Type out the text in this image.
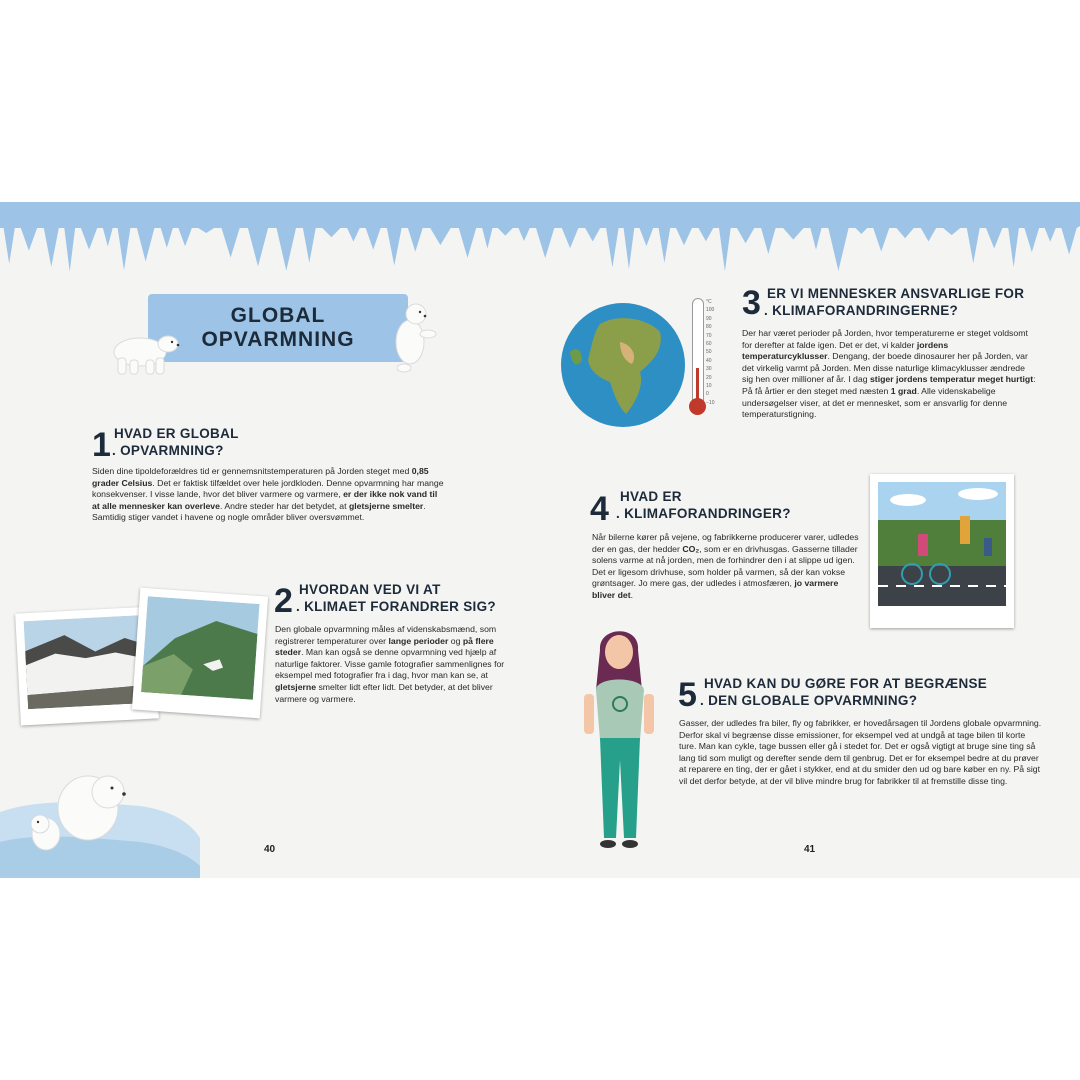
GLOBAL
OPVARMNING
1 HVAD ER GLOBAL
. OPVARMNING?
Siden dine tipoldeforældres tid er gennemsnitstemperaturen på Jorden steget med 0,85 grader Celsius. Det er faktisk tilfældet over hele jordkloden. Denne opvarmning har mange konsekvenser. I visse lande, hvor det bliver varmere og varmere, er der ikke nok vand til at alle mennesker kan overleve. Andre steder har det betydet, at gletsjerne smelter. Samtidig stiger vandet i havene og nogle områder bliver oversvømmet.
2 HVORDAN VED VI AT
. KLIMAET FORANDRER SIG?
Den globale opvarmning måles af videnskabsmænd, som registrerer temperaturer over lange perioder og på flere steder. Man kan også se denne opvarmning ved hjælp af naturlige faktorer. Visse gamle fotografier sammenlignes for eksempel med fotografier fra i dag, hvor man kan se, at gletsjerne smelter lidt efter lidt. Det betyder, at det bliver varmere og varmere.
40
°C
100
90
80
70
60
50
40
30
20
10
0
−10
3 ER VI MENNESKER ANSVARLIGE FOR
. KLIMAFORANDRINGERNE?
Der har været perioder på Jorden, hvor temperaturerne er steget voldsomt for derefter at falde igen. Det er det, vi kalder jordens temperaturcyklusser. Dengang, der boede dinosaurer her på Jorden, var det virkelig varmt på Jorden. Men disse naturlige klimacyklusser ændrede sig hen over millioner af år. I dag stiger jordens temperatur meget hurtigt: På få årtier er den steget med næsten 1 grad. Alle videnskabelige undersøgelser viser, at det er mennesket, som er ansvarlig for denne temperaturstigning.
4 HVAD ER
. KLIMAFORANDRINGER?
Når bilerne kører på vejene, og fabrikkerne producerer varer, udledes der en gas, der hedder CO₂, som er en drivhusgas. Gasserne tillader solens varme at nå jorden, men de forhindrer den i at slippe ud igen. Det er ligesom drivhuse, som holder på varmen, så der kan vokse grøntsager. Jo mere gas, der udledes i atmosfæren, jo varmere bliver det.
5 HVAD KAN DU GØRE FOR AT BEGRÆNSE
. DEN GLOBALE OPVARMNING?
Gasser, der udledes fra biler, fly og fabrikker, er hovedårsagen til Jordens globale opvarmning. Derfor skal vi begrænse disse emissioner, for eksempel ved at undgå at tage bilen til korte ture. Man kan cykle, tage bussen eller gå i stedet for. Det er også vigtigt at bruge sine ting så lang tid som muligt og derefter sende dem til genbrug. Det er for eksempel bedre at du prøver at reparere en ting, der er gået i stykker, end at du smider den ud og bare køber en ny. På sigt vil det derfor betyde, at der vil blive mindre brug for fabrikker til at fremstille disse ting.
41
